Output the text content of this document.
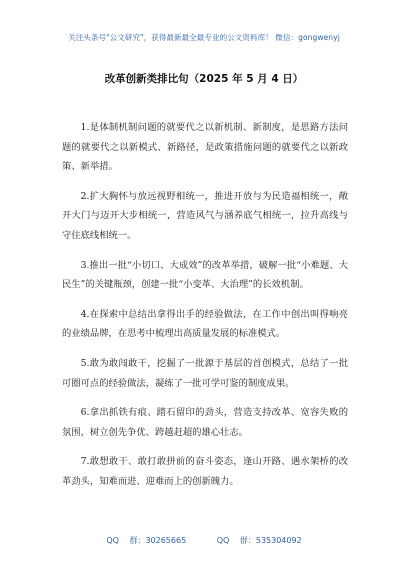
关注头条号"公文研究"，获得最新最全最专业的公文资料库！ 微信：gongwenyj
改革创新类排比句（2025 年 5 月 4 日）

1.是体制机制问题的就要代之以新机制、新制度，是思路方法问题的就要代之以新模式、新路径，是政策措施问题的就要代之以新政策、新举措。

2.扩大胸怀与放远视野相统一，推进开放与为民造福相统一，敞开大门与迈开大步相统一，营造风气与涵养底气相统一，拉升高线与守住底线相统一。

3.推出一批“小切口、大成效”的改革举措，破解一批“小难题、大民生”的关键瓶颈，创建一批“小变革、大治理”的长效机制。

4.在探索中总结出拿得出手的经验做法，在工作中创出叫得响亮的业绩品牌，在思考中梳理出高质量发展的标准模式。

5.敢为敢闯敢干，挖掘了一批源于基层的首创模式，总结了一批可圈可点的经验做法，凝练了一批可学可鉴的制度成果。

6.拿出抓铁有痕、踏石留印的劲头，营造支持改革、宽容失败的氛围，树立创先争优、跨越赶超的雄心壮志。

7.敢想敢干、敢打敢拼前的奋斗姿态，逢山开路、遇水架桥的改革劲头，知难而进、迎难而上的创新魄力。

QQ 群：30265665	QQ 群：535304092
